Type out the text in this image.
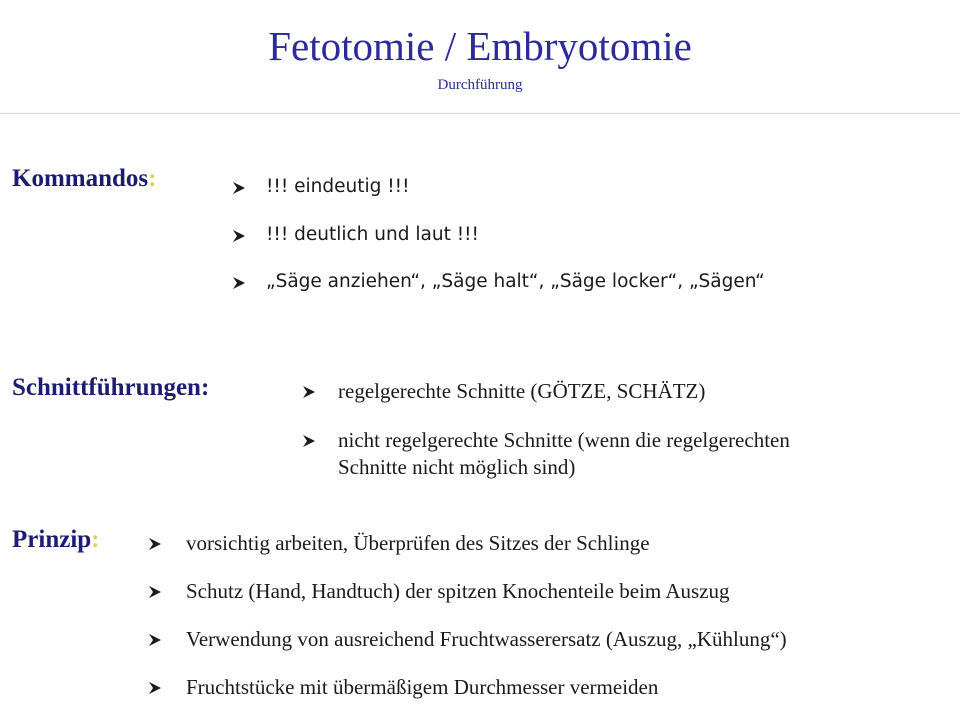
Fetotomie / Embryotomie
Durchführung
Kommandos:	!!! eindeutig !!!
!!! deutlich und laut !!!
„Säge anziehen“, „Säge halt“, „Säge locker“, „Sägen“
Schnittführungen:	regelgerechte Schnitte (GÖTZE, SCHÄTZ)
nicht regelgerechte Schnitte (wenn die regelgerechten
Schnitte nicht möglich sind)
Prinzip:	vorsichtig arbeiten, Überprüfen des Sitzes der Schlinge
Schutz (Hand, Handtuch) der spitzen Knochenteile beim Auszug
Verwendung von ausreichend Fruchtwasserersatz (Auszug, „Kühlung“)
Fruchtstücke mit übermäßigem Durchmesser vermeiden
